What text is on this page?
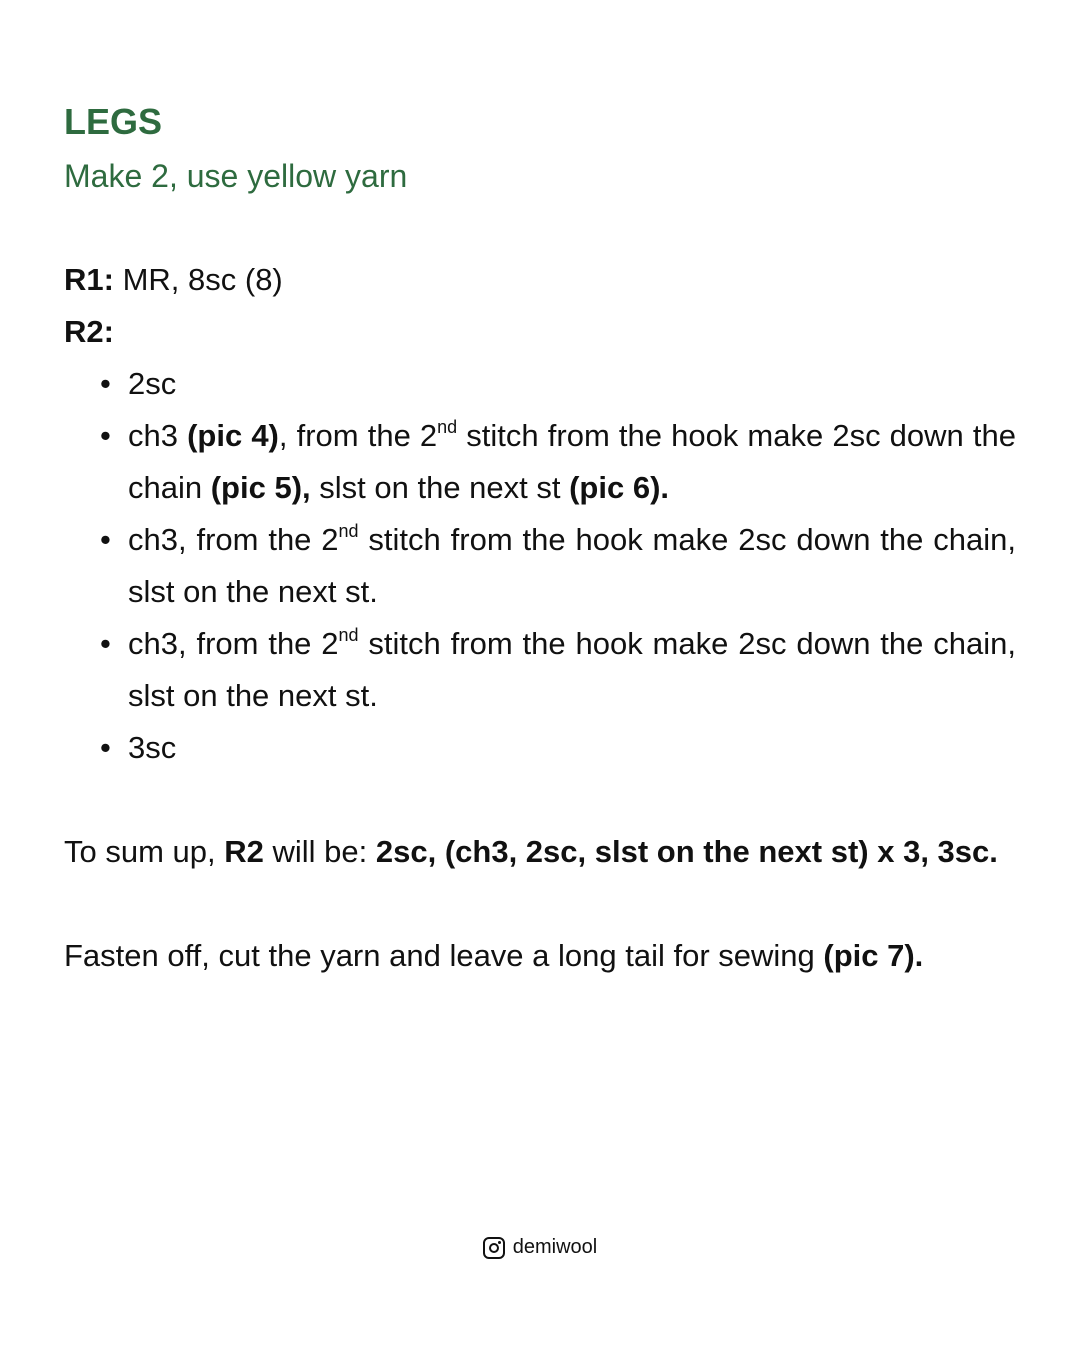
LEGS

Make 2, use yellow yarn

R1: MR, 8sc (8)

R2:

• 2sc
• ch3 (pic 4), from the 2nd stitch from the hook make 2sc down the chain (pic 5), slst on the next st (pic 6).
• ch3, from the 2nd stitch from the hook make 2sc down the chain, slst on the next st.
• ch3, from the 2nd stitch from the hook make 2sc down the chain, slst on the next st.
• 3sc

To sum up, R2 will be: 2sc, (ch3, 2sc, slst on the next st) x 3, 3sc.

Fasten off, cut the yarn and leave a long tail for sewing (pic 7).

demiwool
